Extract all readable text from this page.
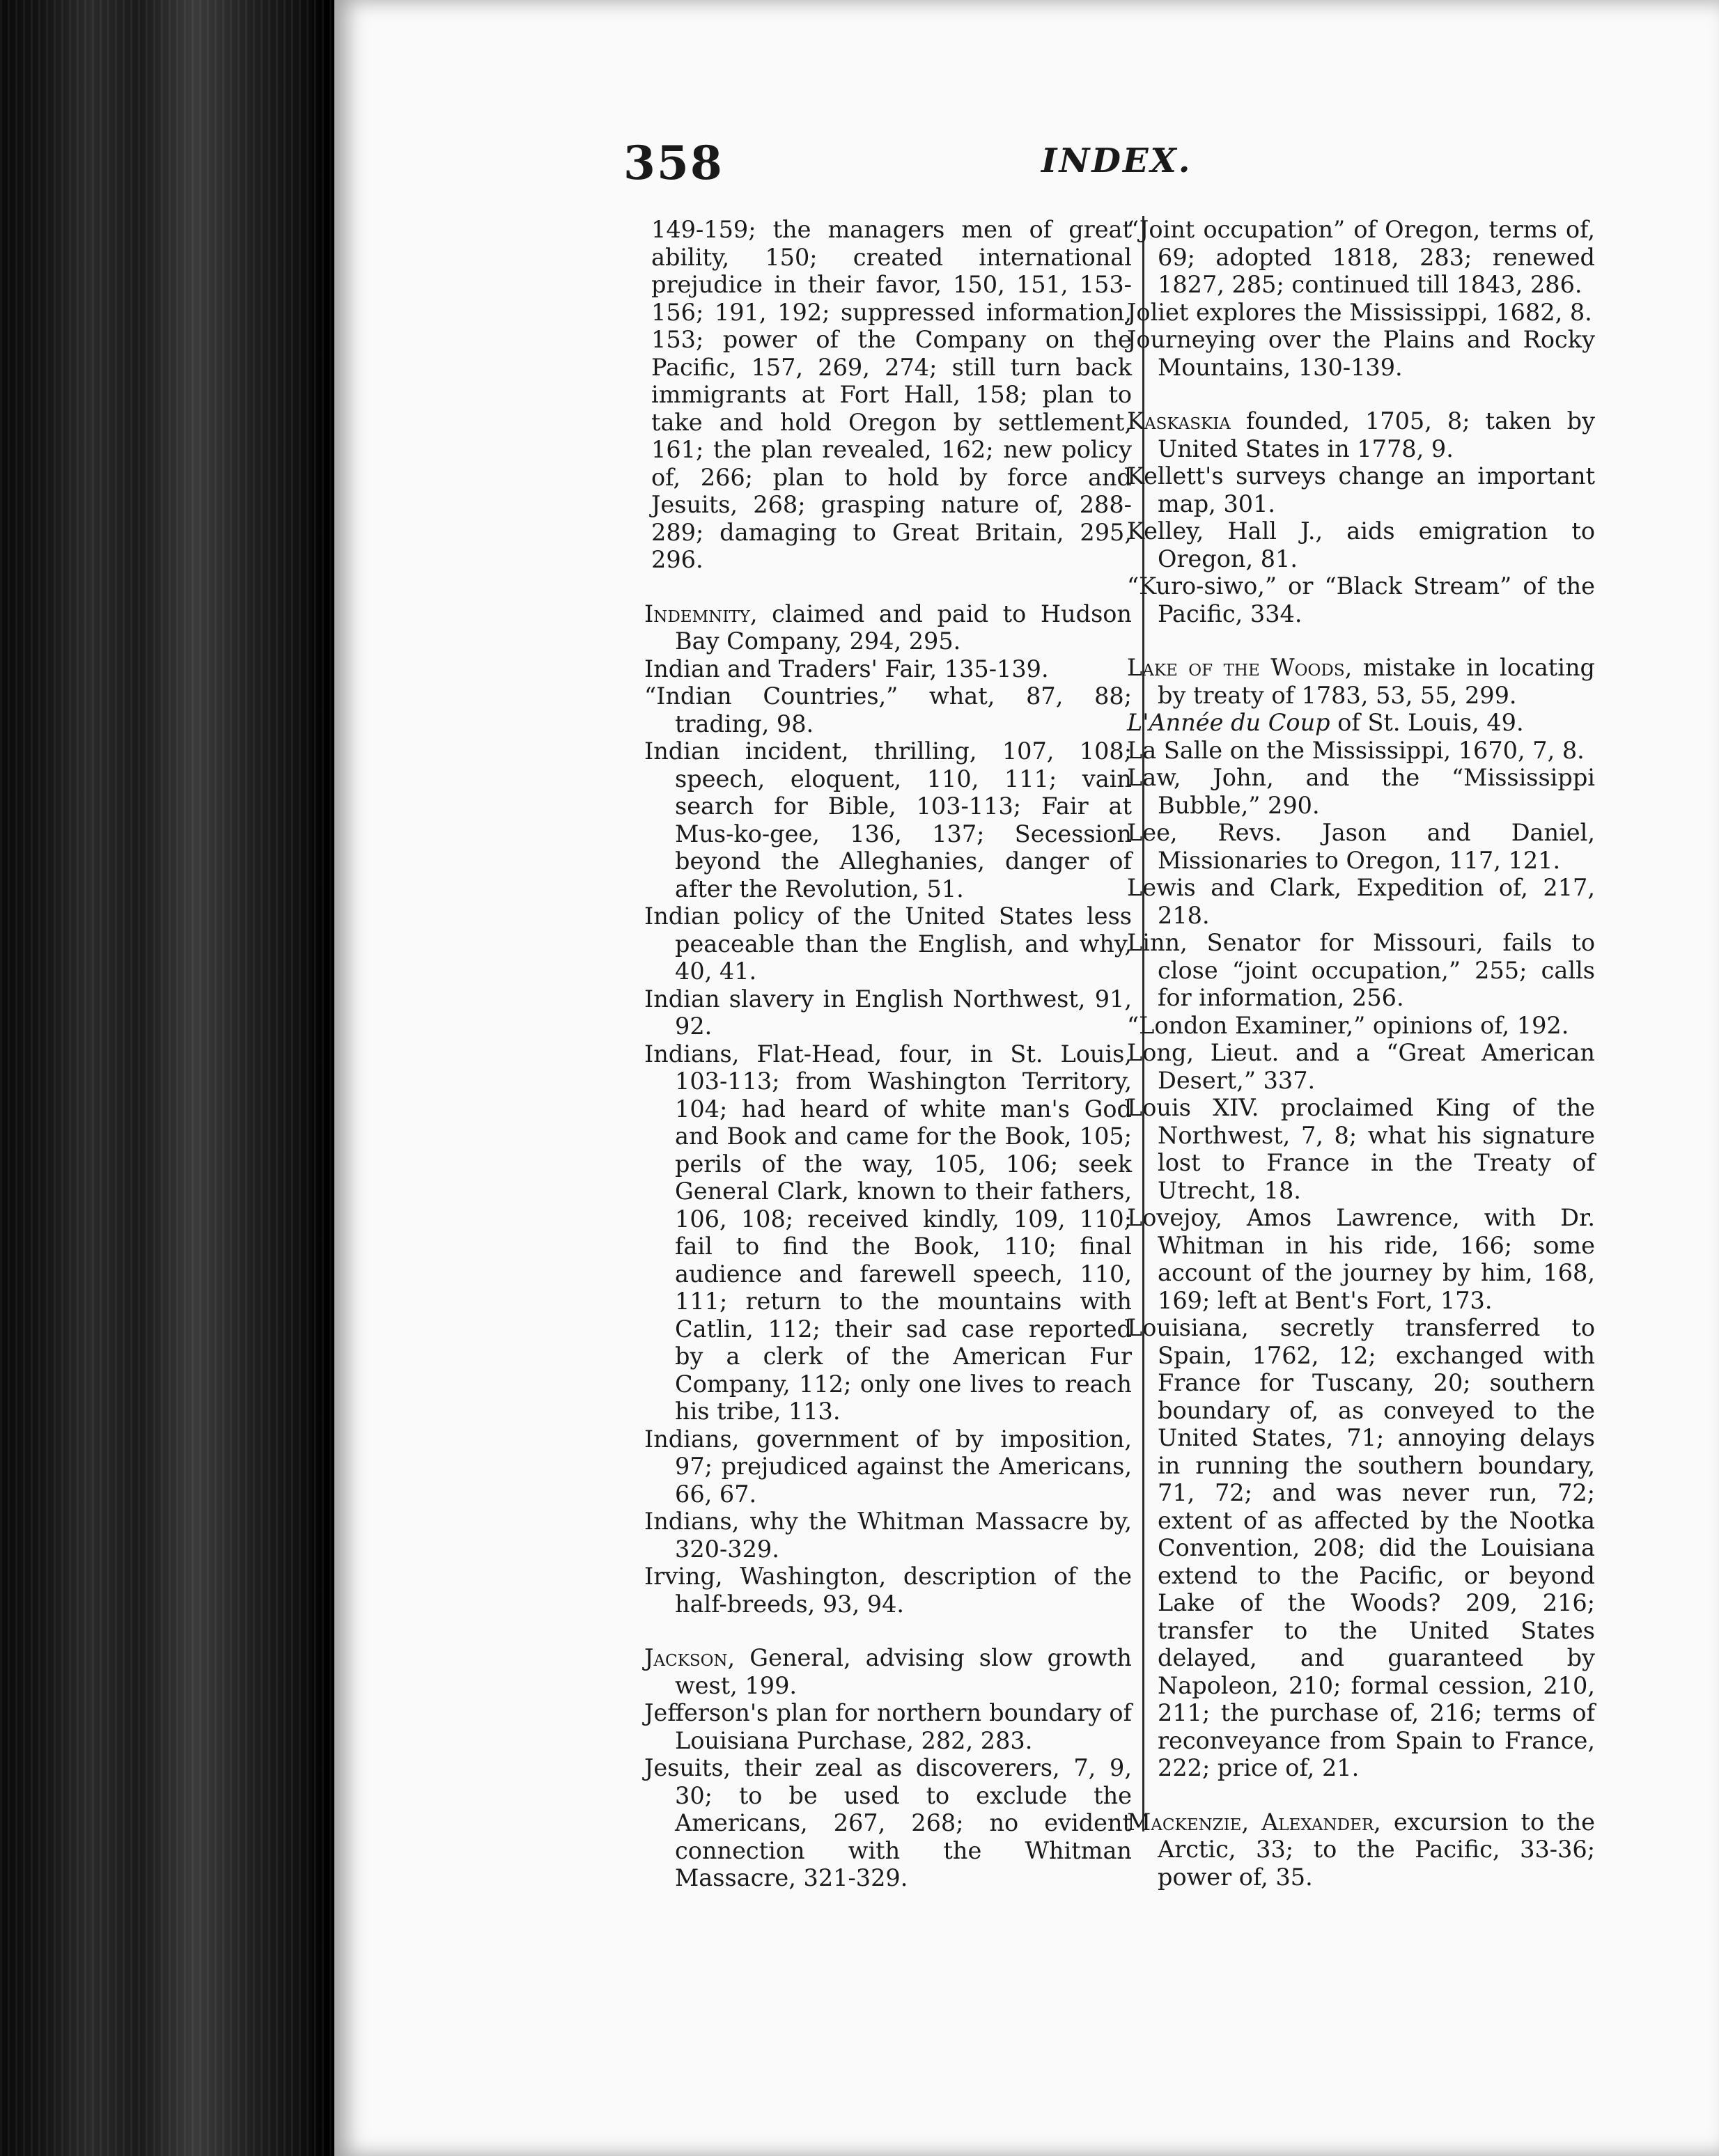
358	INDEX.

149-159; the managers men of great ability, 150; created international prejudice in their favor, 150, 151, 153-156; 191, 192; suppressed information, 153; power of the Company on the Pacific, 157, 269, 274; still turn back immigrants at Fort Hall, 158; plan to take and hold Oregon by settlement, 161; the plan revealed, 162; new policy of, 266; plan to hold by force and Jesuits, 268; grasping nature of, 288-289; damaging to Great Britain, 295, 296.

Indemnity, claimed and paid to Hudson Bay Company, 294, 295.

Indian and Traders' Fair, 135-139.

“Indian Countries,” what, 87, 88; trading, 98.

Indian incident, thrilling, 107, 108; speech, eloquent, 110, 111; vain search for Bible, 103-113; Fair at Mus-ko-gee, 136, 137; Secession beyond the Alleghanies, danger of after the Revolution, 51.

Indian policy of the United States less peaceable than the English, and why, 40, 41.

Indian slavery in English Northwest, 91, 92.

Indians, Flat-Head, four, in St. Louis, 103-113; from Washington Territory, 104; had heard of white man's God and Book and came for the Book, 105; perils of the way, 105, 106; seek General Clark, known to their fathers, 106, 108; received kindly, 109, 110; fail to find the Book, 110; final audience and farewell speech, 110, 111; return to the mountains with Catlin, 112; their sad case reported by a clerk of the American Fur Company, 112; only one lives to reach his tribe, 113.

Indians, government of by imposition, 97; prejudiced against the Americans, 66, 67.

Indians, why the Whitman Massacre by, 320-329.

Irving, Washington, description of the half-breeds, 93, 94.

Jackson, General, advising slow growth west, 199.

Jefferson's plan for northern boundary of Louisiana Purchase, 282, 283.

Jesuits, their zeal as discoverers, 7, 9, 30; to be used to exclude the Americans, 267, 268; no evident connection with the Whitman Massacre, 321-329.

“Joint occupation” of Oregon, terms of, 69; adopted 1818, 283; renewed 1827, 285; continued till 1843, 286.

Joliet explores the Mississippi, 1682, 8.

Journeying over the Plains and Rocky Mountains, 130-139.

Kaskaskia founded, 1705, 8; taken by United States in 1778, 9.

Kellett's surveys change an important map, 301.

Kelley, Hall J., aids emigration to Oregon, 81.

“Kuro-siwo,” or “Black Stream” of the Pacific, 334.

Lake of the Woods, mistake in locating by treaty of 1783, 53, 55, 299.

L'Année du Coup of St. Louis, 49.

La Salle on the Mississippi, 1670, 7, 8.

Law, John, and the “Mississippi Bubble,” 290.

Lee, Revs. Jason and Daniel, Missionaries to Oregon, 117, 121.

Lewis and Clark, Expedition of, 217, 218.

Linn, Senator for Missouri, fails to close “joint occupation,” 255; calls for information, 256.

“London Examiner,” opinions of, 192.

Long, Lieut. and a “Great American Desert,” 337.

Louis XIV. proclaimed King of the Northwest, 7, 8; what his signature lost to France in the Treaty of Utrecht, 18.

Lovejoy, Amos Lawrence, with Dr. Whitman in his ride, 166; some account of the journey by him, 168, 169; left at Bent's Fort, 173.

Louisiana, secretly transferred to Spain, 1762, 12; exchanged with France for Tuscany, 20; southern boundary of, as conveyed to the United States, 71; annoying delays in running the southern boundary, 71, 72; and was never run, 72; extent of as affected by the Nootka Convention, 208; did the Louisiana extend to the Pacific, or beyond Lake of the Woods? 209, 216; transfer to the United States delayed, and guaranteed by Napoleon, 210; formal cession, 210, 211; the purchase of, 216; terms of reconveyance from Spain to France, 222; price of, 21.

Mackenzie, Alexander, excursion to the Arctic, 33; to the Pacific, 33-36; power of, 35.
